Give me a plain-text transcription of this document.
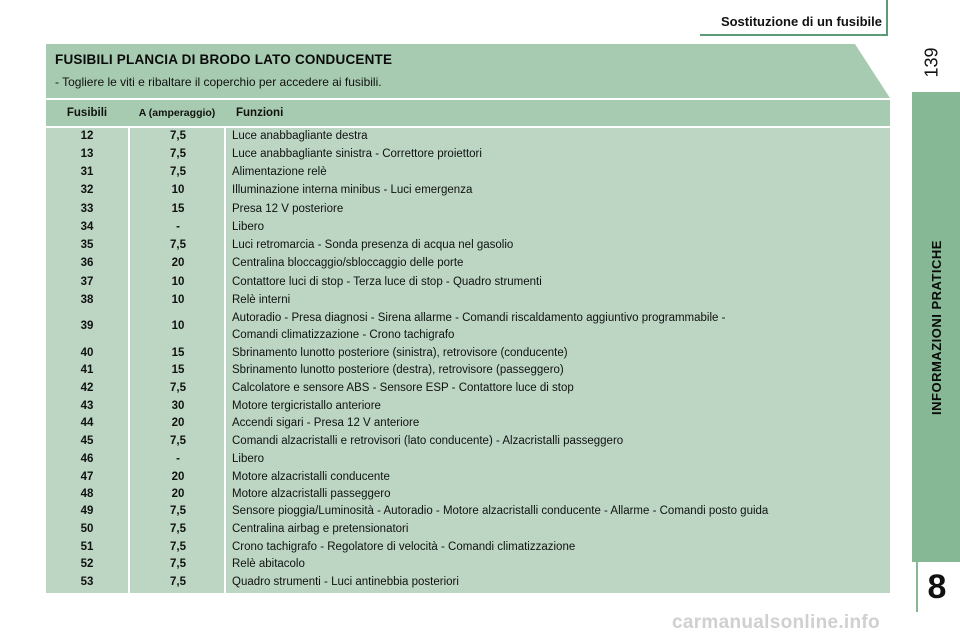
Sostituzione di un fusibile
139
INFORMAZIONI PRATICHE
8
FUSIBILI PLANCIA DI BRODO LATO CONDUCENTE
- Togliere le viti e ribaltare il coperchio per accedere ai fusibili.
Fusibili	A (amperaggio)	Funzioni
12	7,5	Luce anabbagliante destra
13	7,5	Luce anabbagliante sinistra - Correttore proiettori
31	7,5	Alimentazione relè
32	10	Illuminazione interna minibus - Luci emergenza
33	15	Presa 12 V posteriore
34	-	Libero
35	7,5	Luci retromarcia - Sonda presenza di acqua nel gasolio
36	20	Centralina bloccaggio/sbloccaggio delle porte
37	10	Contattore luci di stop - Terza luce di stop - Quadro strumenti
38	10	Relè interni
39	10
Autoradio - Presa diagnosi - Sirena allarme - Comandi riscaldamento aggiuntivo programmabile -
Comandi climatizzazione - Crono tachigrafo
40	15	Sbrinamento lunotto posteriore (sinistra), retrovisore (conducente)
41	15	Sbrinamento lunotto posteriore (destra), retrovisore (passeggero)
42	7,5	Calcolatore e sensore ABS - Sensore ESP - Contattore luce di stop
43	30	Motore tergicristallo anteriore
44	20	Accendi sigari - Presa 12 V anteriore
45	7,5	Comandi alzacristalli e retrovisori (lato conducente) - Alzacristalli passeggero
46	-	Libero
47	20	Motore alzacristalli conducente
48	20	Motore alzacristalli passeggero
49	7,5	Sensore pioggia/Luminosità - Autoradio - Motore alzacristalli conducente - Allarme - Comandi posto guida
50	7,5	Centralina airbag e pretensionatori
51	7,5	Crono tachigrafo - Regolatore di velocità - Comandi climatizzazione
52	7,5	Relè abitacolo
53	7,5	Quadro strumenti - Luci antinebbia posteriori
carmanualsonline.info
